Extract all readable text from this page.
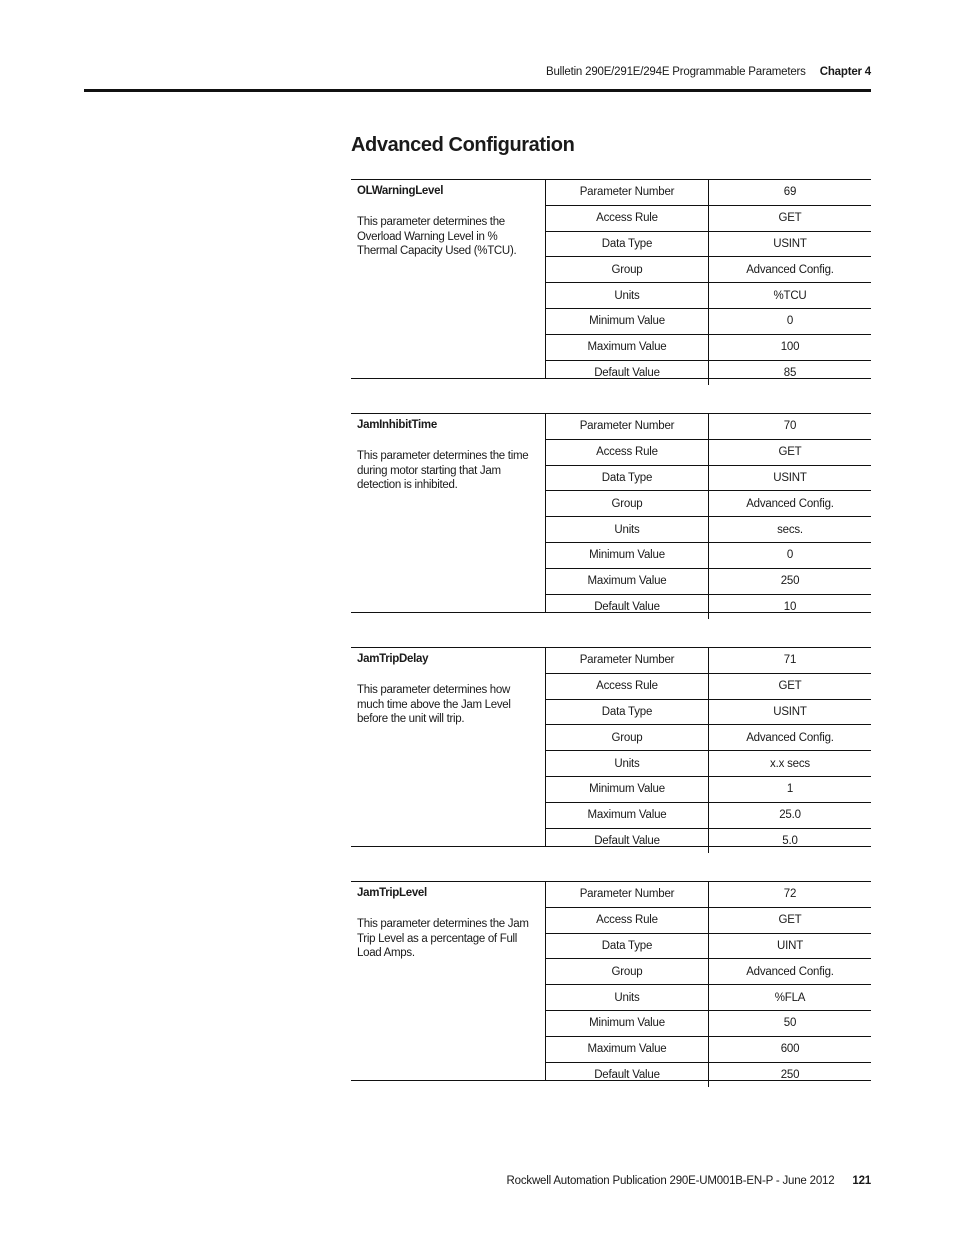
Bulletin 290E/291E/294E Programmable Parameters Chapter 4
Advanced Configuration
OLWarningLevel
This parameter determines the Overload Warning Level in % Thermal Capacity Used (%TCU).
Parameter Number	69
Access Rule	GET
Data Type	USINT
Group	Advanced Config.
Units	%TCU
Minimum Value	0
Maximum Value	100
Default Value	85
JamInhibitTime
This parameter determines the time during motor starting that Jam detection is inhibited.
Parameter Number	70
Access Rule	GET
Data Type	USINT
Group	Advanced Config.
Units	secs.
Minimum Value	0
Maximum Value	250
Default Value	10
JamTripDelay
This parameter determines how much time above the Jam Level before the unit will trip.
Parameter Number	71
Access Rule	GET
Data Type	USINT
Group	Advanced Config.
Units	x.x secs
Minimum Value	1
Maximum Value	25.0
Default Value	5.0
JamTripLevel
This parameter determines the Jam Trip Level as a percentage of Full Load Amps.
Parameter Number	72
Access Rule	GET
Data Type	UINT
Group	Advanced Config.
Units	%FLA
Minimum Value	50
Maximum Value	600
Default Value	250
Rockwell Automation Publication 290E-UM001B-EN-P - June 2012 121
